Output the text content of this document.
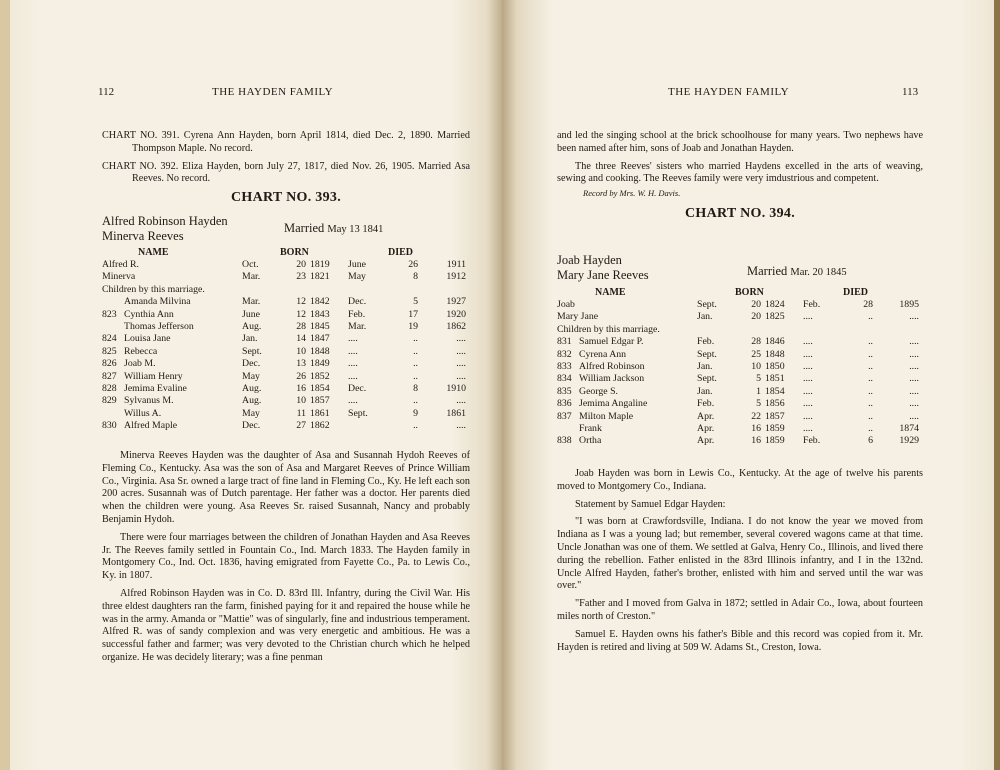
112	THE HAYDEN FAMILY

CHART NO. 391. Cyrena Ann Hayden, born April 1814, died Dec. 2, 1890. Married Thompson Maple. No record.

CHART NO. 392. Eliza Hayden, born July 27, 1817, died Nov. 26, 1905. Married Asa Reeves. No record.

CHART NO. 393.
Alfred Robinson Hayden
Minerva Reeves
Married May 13 1841
NAME		BORN			DIED	
Alfred R.	Oct.	20	1819	June	26	1911
Minerva	Mar.	23	1821	May	8	1912
Children by this marriage.						
Amanda Milvina	Mar.	12	1842	Dec.	5	1927
823 Cynthia Ann	June	12	1843	Feb.	17	1920
Thomas Jefferson	Aug.	28	1845	Mar.	19	1862
824 Louisa Jane	Jan.	14	1847	....	..	....
825 Rebecca	Sept.	10	1848	....	..	....
826 Joab M.	Dec.	13	1849	....	..	....
827 William Henry	May	26	1852	....	..	....
828 Jemima Evaline	Aug.	16	1854	Dec.	8	1910
829 Sylvanus M.	Aug.	10	1857	....	..	....
Willus A.	May	11	1861	Sept.	9	1861
830 Alfred Maple	Dec.	27	1862		..	....

Minerva Reeves Hayden was the daughter of Asa and Susannah Hydoh Reeves of Fleming Co., Kentucky. Asa was the son of Asa and Margaret Reeves of Prince William Co., Virginia. Asa Sr. owned a large tract of fine land in Fleming Co., Ky. He left each son 200 acres. Susannah was of Dutch parentage. Her father was a doctor. Her parents died when the children were young. Asa Reeves Sr. raised Susannah, Nancy and probably Benjamin Hydoh.

There were four marriages between the children of Jonathan Hayden and Asa Reeves Jr. The Reeves family settled in Fountain Co., Ind. March 1833. The Hayden family in Montgomery Co., Ind. Oct. 1836, having emigrated from Fayette Co., Pa. to Lewis Co., Ky. in 1807.

Alfred Robinson Hayden was in Co. D. 83rd Ill. Infantry, during the Civil War. His three eldest daughters ran the farm, finished paying for it and repaired the house while he was in the army. Amanda or "Mattie" was of singularly, fine and industrious temperament. Alfred R. was of sandy complexion and was very energetic and ambitious. He was a successful father and farmer; was very devoted to the Christian church which he helped organize. He was decidely literary; was a fine penman

THE HAYDEN FAMILY	113

and led the singing school at the brick schoolhouse for many years. Two nephews have been named after him, sons of Joab and Jonathan Hayden.

The three Reeves' sisters who married Haydens excelled in the arts of weaving, sewing and cooking. The Reeves family were very imdustrious and competent.

Record by Mrs. W. H. Davis.
CHART NO. 394.
Joab Hayden
Mary Jane Reeves	Married Mar. 20 1845
NAME		BORN			DIED	
Joab	Sept.	20	1824	Feb.	28	1895
Mary Jane	Jan.	20	1825	....	..	....
Children by this marriage.						
831 Samuel Edgar P.	Feb.	28	1846	....	..	....
832 Cyrena Ann	Sept.	25	1848	....	..	....
833 Alfred Robinson	Jan.	10	1850	....	..	....
834 William Jackson	Sept.	5	1851	....	..	....
835 George S.	Jan.	1	1854	....	..	....
836 Jemima Angaline	Feb.	5	1856	....	..	....
837 Milton Maple	Apr.	22	1857	....	..	....
Frank	Apr.	16	1859	....	..	1874
838 Ortha	Apr.	16	1859	Feb.	6	1929

Joab Hayden was born in Lewis Co., Kentucky. At the age of twelve his parents moved to Montgomery Co., Indiana.

Statement by Samuel Edgar Hayden:

"I was born at Crawfordsville, Indiana. I do not know the year we moved from Indiana as I was a young lad; but remember, several covered wagons came at that time. Uncle Jonathan was one of them. We settled at Galva, Henry Co., Illinois, and lived there during the rebellion. Father enlisted in the 83rd Illinois infantry, and I in the 132nd. Uncle Alfred Hayden, father's brother, enlisted with him and served until the war was over."

"Father and I moved from Galva in 1872; settled in Adair Co., Iowa, about fourteen miles north of Creston."

Samuel E. Hayden owns his father's Bible and this record was copied from it. Mr. Hayden is retired and living at 509 W. Adams St., Creston, Iowa.
